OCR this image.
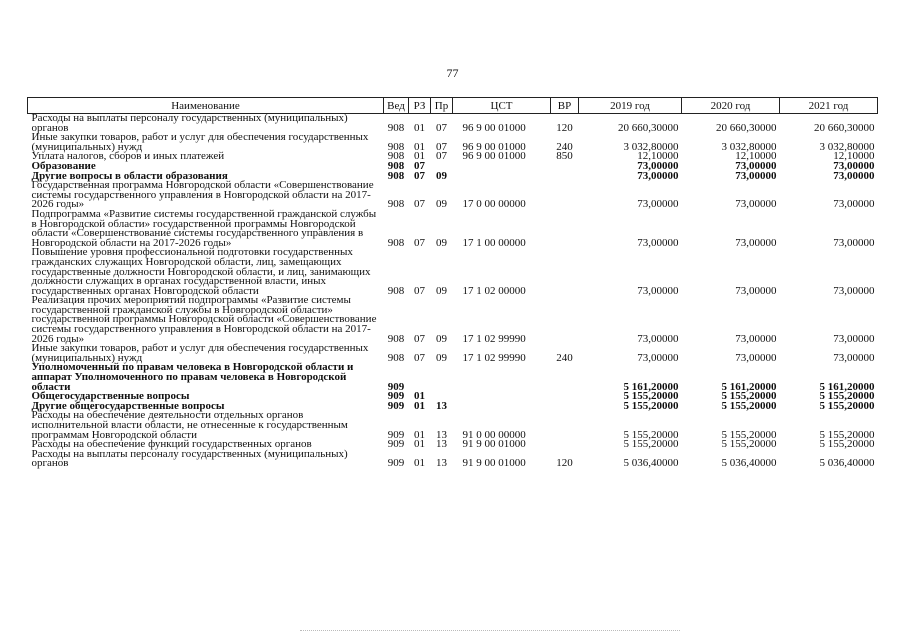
77
Наименование	Вед	РЗ	Пр	ЦСТ	ВР	2019 год	2020 год	2021 год
Расходы на выплаты персоналу государственных (муниципальных) органов	908	01	07	96 9 00 01000	120	20 660,30000	20 660,30000	20 660,30000
Иные закупки товаров, работ и услуг для обеспечения государственных (муниципальных) нужд	908	01	07	96 9 00 01000	240	3 032,80000	3 032,80000	3 032,80000
Уплата налогов, сборов и иных платежей	908	01	07	96 9 00 01000	850	12,10000	12,10000	12,10000
Образование	908	07				73,00000	73,00000	73,00000
Другие вопросы в области образования	908	07	09			73,00000	73,00000	73,00000
Государственная программа Новгородской области «Совершенствование системы государственного управления в Новгородской области на 2017-2026 годы»	908	07	09	17 0 00 00000		73,00000	73,00000	73,00000
Подпрограмма «Развитие системы государственной гражданской службы в Новгородской области» государственной программы Новгородской области «Совершенствование системы государственного управления в Новгородской области на 2017-2026 годы»	908	07	09	17 1 00 00000		73,00000	73,00000	73,00000
Повышение уровня профессиональной подготовки государственных гражданских служащих Новгородской области, лиц, замещающих государственные должности Новгородской области, и лиц, занимающих должности служащих в органах государственной власти, иных государственных органах Новгородской области	908	07	09	17 1 02 00000		73,00000	73,00000	73,00000
Реализация прочих мероприятий подпрограммы «Развитие системы государственной гражданской службы в Новгородской области» государственной программы Новгородской области «Совершенствование системы государственного управления в Новгородской области на 2017-2026 годы»	908	07	09	17 1 02 99990		73,00000	73,00000	73,00000
Иные закупки товаров, работ и услуг для обеспечения государственных (муниципальных) нужд	908	07	09	17 1 02 99990	240	73,00000	73,00000	73,00000
Уполномоченный по правам человека в Новгородской области и аппарат Уполномоченного по правам человека в Новгородской области	909					5 161,20000	5 161,20000	5 161,20000
Общегосударственные вопросы	909	01				5 155,20000	5 155,20000	5 155,20000
Другие общегосударственные вопросы	909	01	13			5 155,20000	5 155,20000	5 155,20000
Расходы на обеспечение деятельности отдельных органов исполнительной власти области, не отнесенные к государственным программам Новгородской области	909	01	13	91 0 00 00000		5 155,20000	5 155,20000	5 155,20000
Расходы на обеспечение функций государственных органов	909	01	13	91 9 00 01000		5 155,20000	5 155,20000	5 155,20000
Расходы на выплаты персоналу государственных (муниципальных) органов	909	01	13	91 9 00 01000	120	5 036,40000	5 036,40000	5 036,40000
